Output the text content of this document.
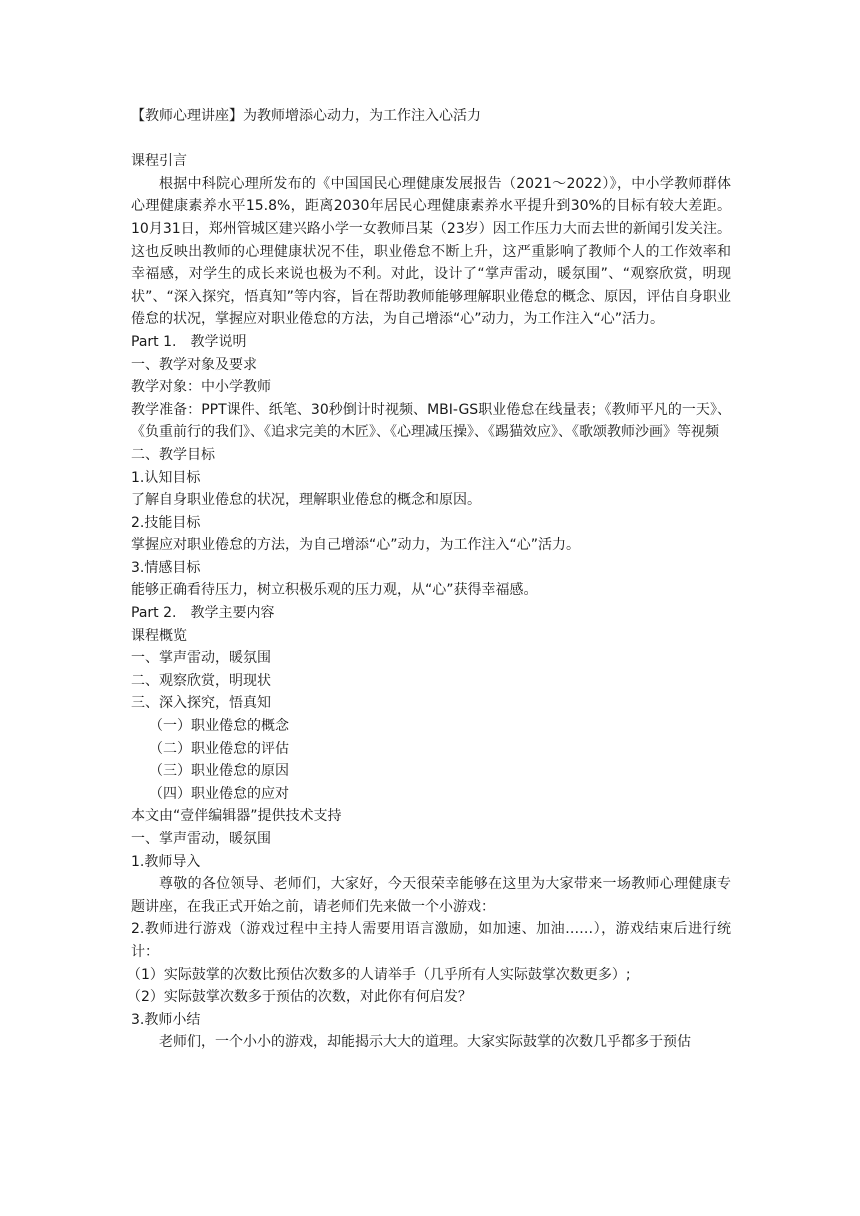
【教师心理讲座】为教师增添心动力，为工作注入心活力

课程引言

根据中科院心理所发布的《中国国民心理健康发展报告（2021～2022）》，中小学教师群体心理健康素养水平15.8%，距离2030年居民心理健康素养水平提升到30%的目标有较大差距。10月31日，郑州管城区建兴路小学一女教师吕某（23岁）因工作压力大而去世的新闻引发关注。这也反映出教师的心理健康状况不佳，职业倦怠不断上升，这严重影响了教师个人的工作效率和幸福感，对学生的成长来说也极为不利。对此，设计了“掌声雷动，暖氛围”、“观察欣赏，明现状”、“深入探究，悟真知”等内容，旨在帮助教师能够理解职业倦怠的概念、原因，评估自身职业倦怠的状况，掌握应对职业倦怠的方法，为自己增添“心”动力，为工作注入“心”活力。

Part 1.　教学说明

一、教学对象及要求

教学对象：中小学教师

教学准备：PPT课件、纸笔、30秒倒计时视频、MBI-GS职业倦怠在线量表；《教师平凡的一天》、《负重前行的我们》、《追求完美的木匠》、《心理减压操》、《踢猫效应》、《歌颂教师沙画》等视频

二、教学目标

1.认知目标

了解自身职业倦怠的状况，理解职业倦怠的概念和原因。

2.技能目标

掌握应对职业倦怠的方法，为自己增添“心”动力，为工作注入“心”活力。

3.情感目标

能够正确看待压力，树立积极乐观的压力观，从“心”获得幸福感。

Part 2.　教学主要内容

课程概览

一、掌声雷动，暖氛围

二、观察欣赏，明现状

三、深入探究，悟真知

（一）职业倦怠的概念

（二）职业倦怠的评估

（三）职业倦怠的原因

（四）职业倦怠的应对

本文由“壹伴编辑器”提供技术支持

一、掌声雷动，暖氛围

1.教师导入

尊敬的各位领导、老师们，大家好，今天很荣幸能够在这里为大家带来一场教师心理健康专题讲座，在我正式开始之前，请老师们先来做一个小游戏：

2.教师进行游戏（游戏过程中主持人需要用语言激励，如加速、加油……），游戏结束后进行统计：

（1）实际鼓掌的次数比预估次数多的人请举手（几乎所有人实际鼓掌次数更多）;

（2）实际鼓掌次数多于预估的次数，对此你有何启发？

3.教师小结

老师们，一个小小的游戏，却能揭示大大的道理。大家实际鼓掌的次数几乎都多于预估
